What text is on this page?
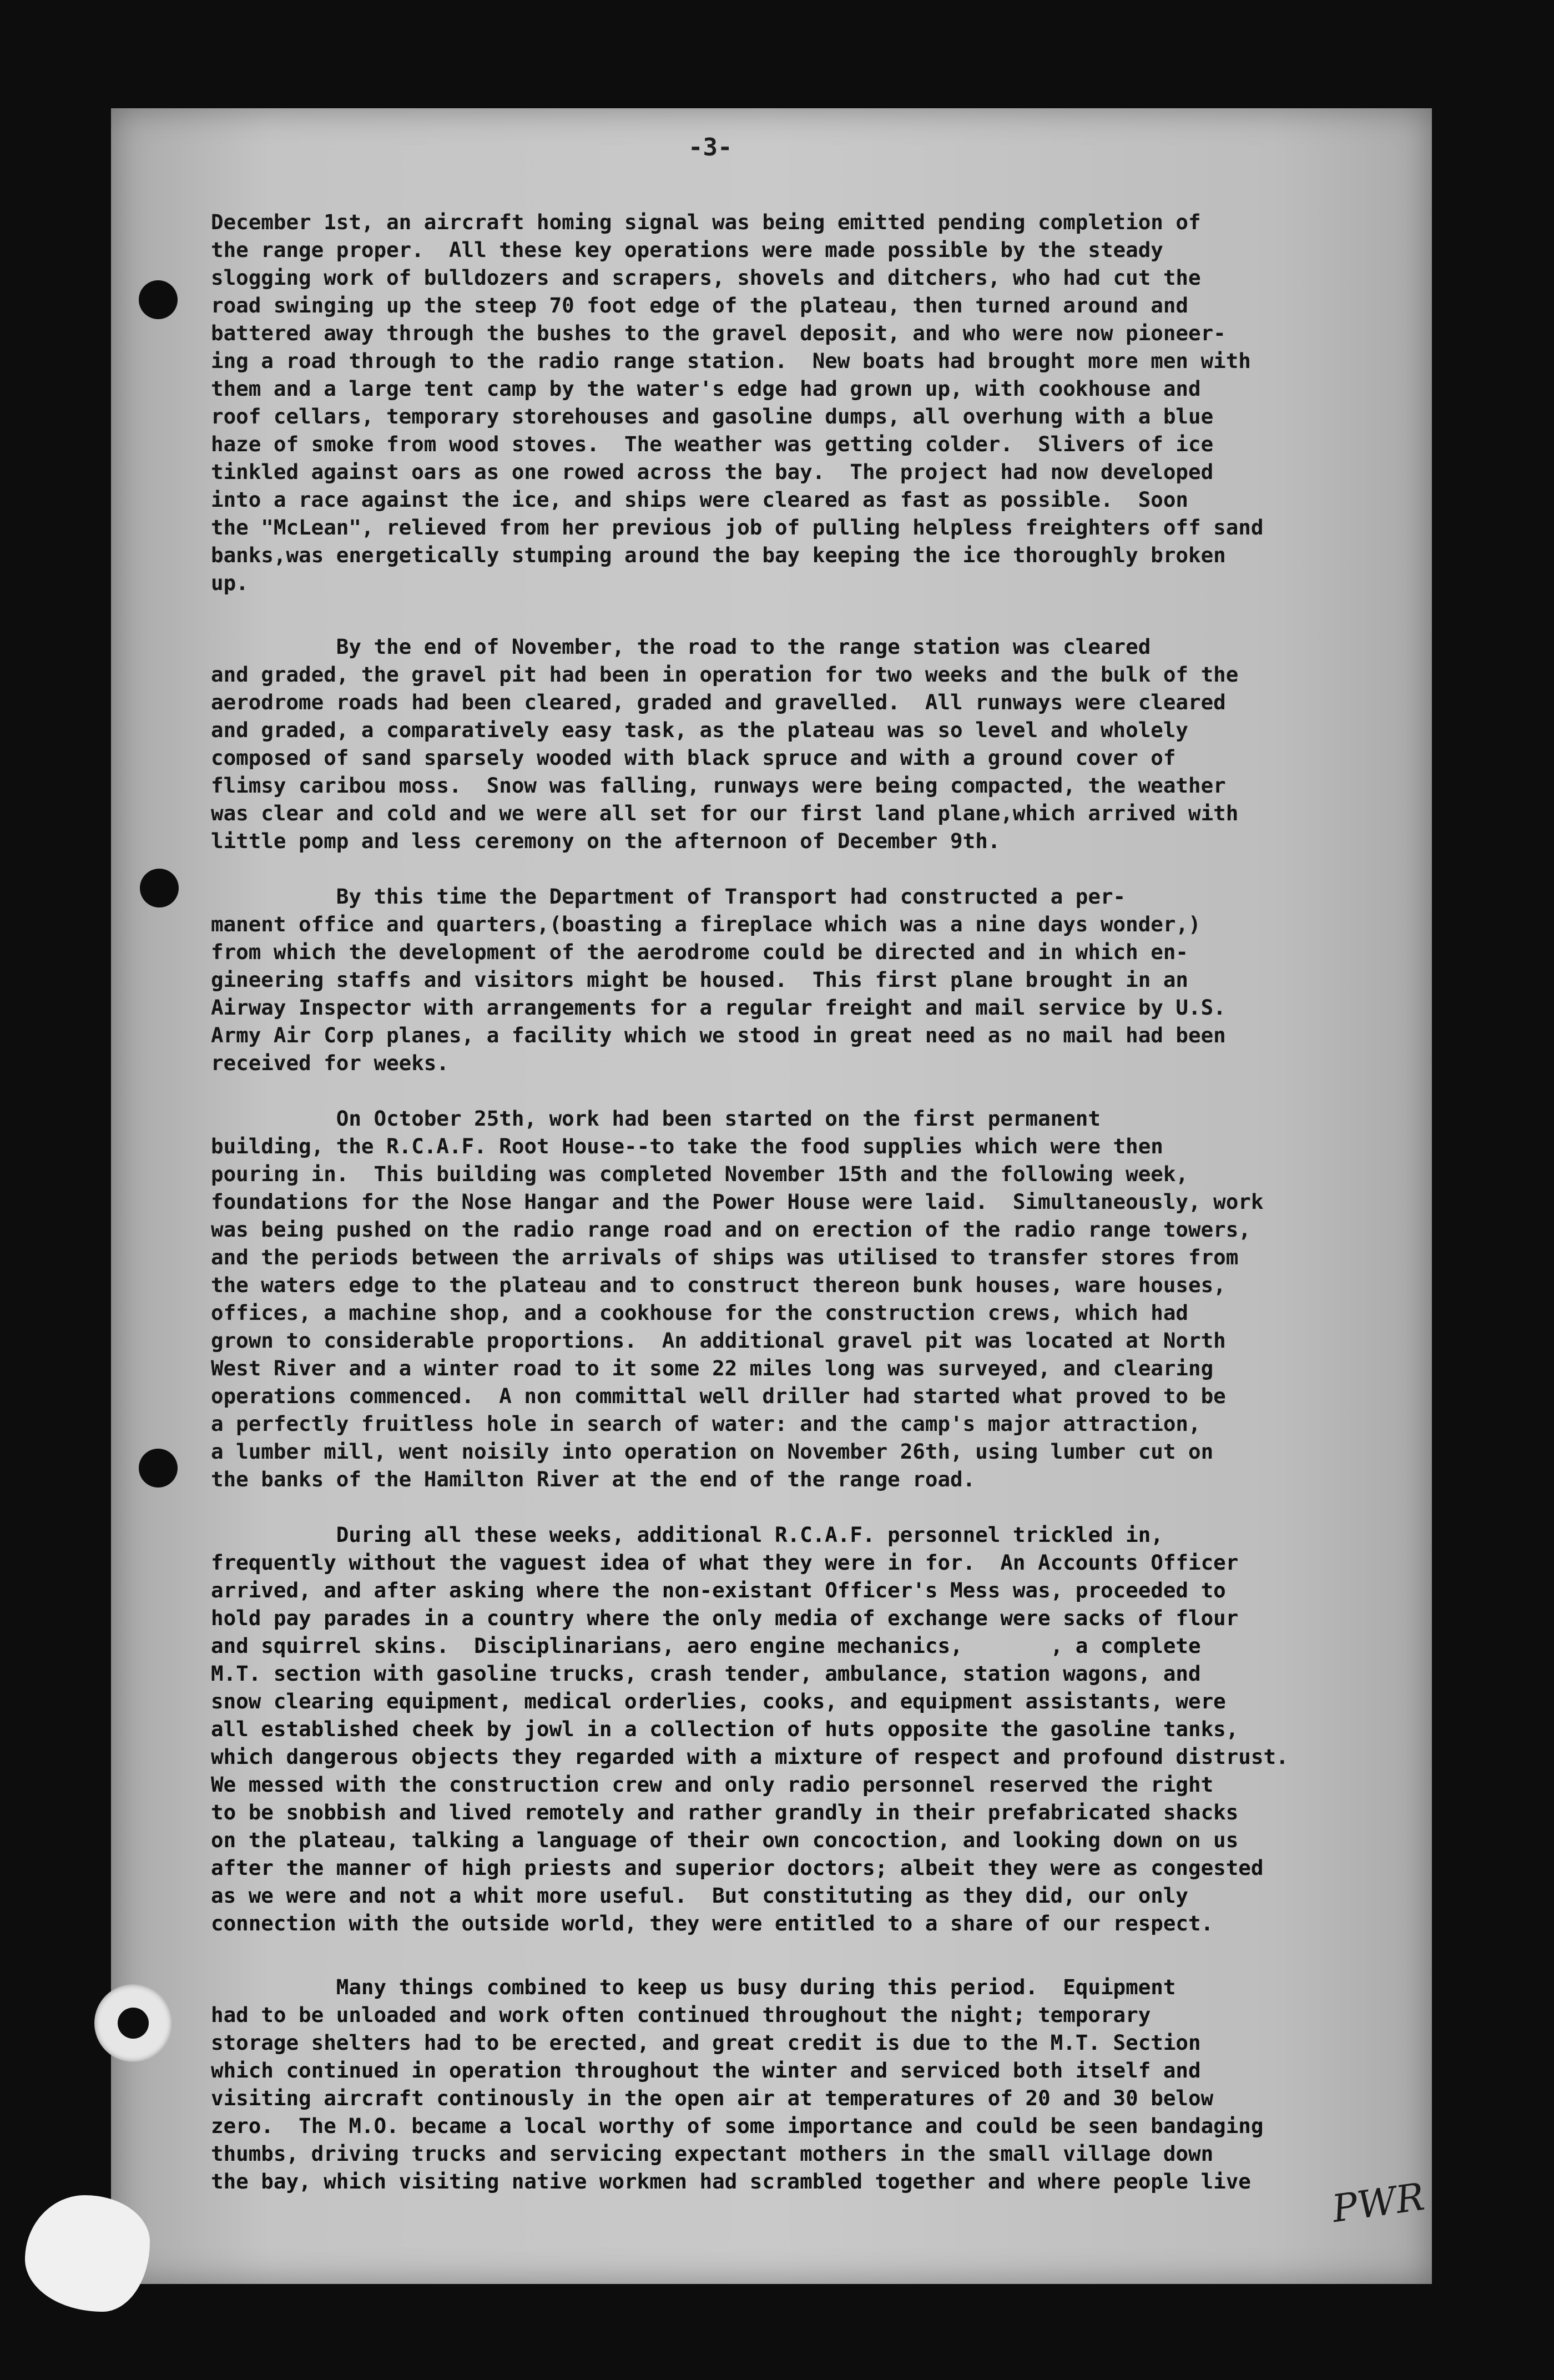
-3-
December 1st, an aircraft homing signal was being emitted pending completion of
the range proper.  All these key operations were made possible by the steady
slogging work of bulldozers and scrapers, shovels and ditchers, who had cut the
road swinging up the steep 70 foot edge of the plateau, then turned around and
battered away through the bushes to the gravel deposit, and who were now pioneer-
ing a road through to the radio range station.  New boats had brought more men with
them and a large tent camp by the water's edge had grown up, with cookhouse and
roof cellars, temporary storehouses and gasoline dumps, all overhung with a blue
haze of smoke from wood stoves.  The weather was getting colder.  Slivers of ice
tinkled against oars as one rowed across the bay.  The project had now developed
into a race against the ice, and ships were cleared as fast as possible.  Soon
the "McLean", relieved from her previous job of pulling helpless freighters off sand
banks,was energetically stumping around the bay keeping the ice thoroughly broken
up.
By the end of November, the road to the range station was cleared
and graded, the gravel pit had been in operation for two weeks and the bulk of the
aerodrome roads had been cleared, graded and gravelled.  All runways were cleared
and graded, a comparatively easy task, as the plateau was so level and wholely
composed of sand sparsely wooded with black spruce and with a ground cover of
flimsy caribou moss.  Snow was falling, runways were being compacted, the weather
was clear and cold and we were all set for our first land plane,which arrived with
little pomp and less ceremony on the afternoon of December 9th.
By this time the Department of Transport had constructed a per-
manent office and quarters,(boasting a fireplace which was a nine days wonder,)
from which the development of the aerodrome could be directed and in which en-
gineering staffs and visitors might be housed.  This first plane brought in an
Airway Inspector with arrangements for a regular freight and mail service by U.S.
Army Air Corp planes, a facility which we stood in great need as no mail had been
received for weeks.
On October 25th, work had been started on the first permanent
building, the R.C.A.F. Root House--to take the food supplies which were then
pouring in.  This building was completed November 15th and the following week,
foundations for the Nose Hangar and the Power House were laid.  Simultaneously, work
was being pushed on the radio range road and on erection of the radio range towers,
and the periods between the arrivals of ships was utilised to transfer stores from
the waters edge to the plateau and to construct thereon bunk houses, ware houses,
offices, a machine shop, and a cookhouse for the construction crews, which had
grown to considerable proportions.  An additional gravel pit was located at North
West River and a winter road to it some 22 miles long was surveyed, and clearing
operations commenced.  A non committal well driller had started what proved to be
a perfectly fruitless hole in search of water: and the camp's major attraction,
a lumber mill, went noisily into operation on November 26th, using lumber cut on
the banks of the Hamilton River at the end of the range road.
During all these weeks, additional R.C.A.F. personnel trickled in,
frequently without the vaguest idea of what they were in for.  An Accounts Officer
arrived, and after asking where the non-existant Officer's Mess was, proceeded to
hold pay parades in a country where the only media of exchange were sacks of flour
and squirrel skins.  Disciplinarians, aero engine mechanics,       , a complete
M.T. section with gasoline trucks, crash tender, ambulance, station wagons, and
snow clearing equipment, medical orderlies, cooks, and equipment assistants, were
all established cheek by jowl in a collection of huts opposite the gasoline tanks,
which dangerous objects they regarded with a mixture of respect and profound distrust.
We messed with the construction crew and only radio personnel reserved the right
to be snobbish and lived remotely and rather grandly in their prefabricated shacks
on the plateau, talking a language of their own concoction, and looking down on us
after the manner of high priests and superior doctors; albeit they were as congested
as we were and not a whit more useful.  But constituting as they did, our only
connection with the outside world, they were entitled to a share of our respect.
Many things combined to keep us busy during this period.  Equipment
had to be unloaded and work often continued throughout the night; temporary
storage shelters had to be erected, and great credit is due to the M.T. Section
which continued in operation throughout the winter and serviced both itself and
visiting aircraft continously in the open air at temperatures of 20 and 30 below
zero.  The M.O. became a local worthy of some importance and could be seen bandaging
thumbs, driving trucks and servicing expectant mothers in the small village down
the bay, which visiting native workmen had scrambled together and where people live	PWR
